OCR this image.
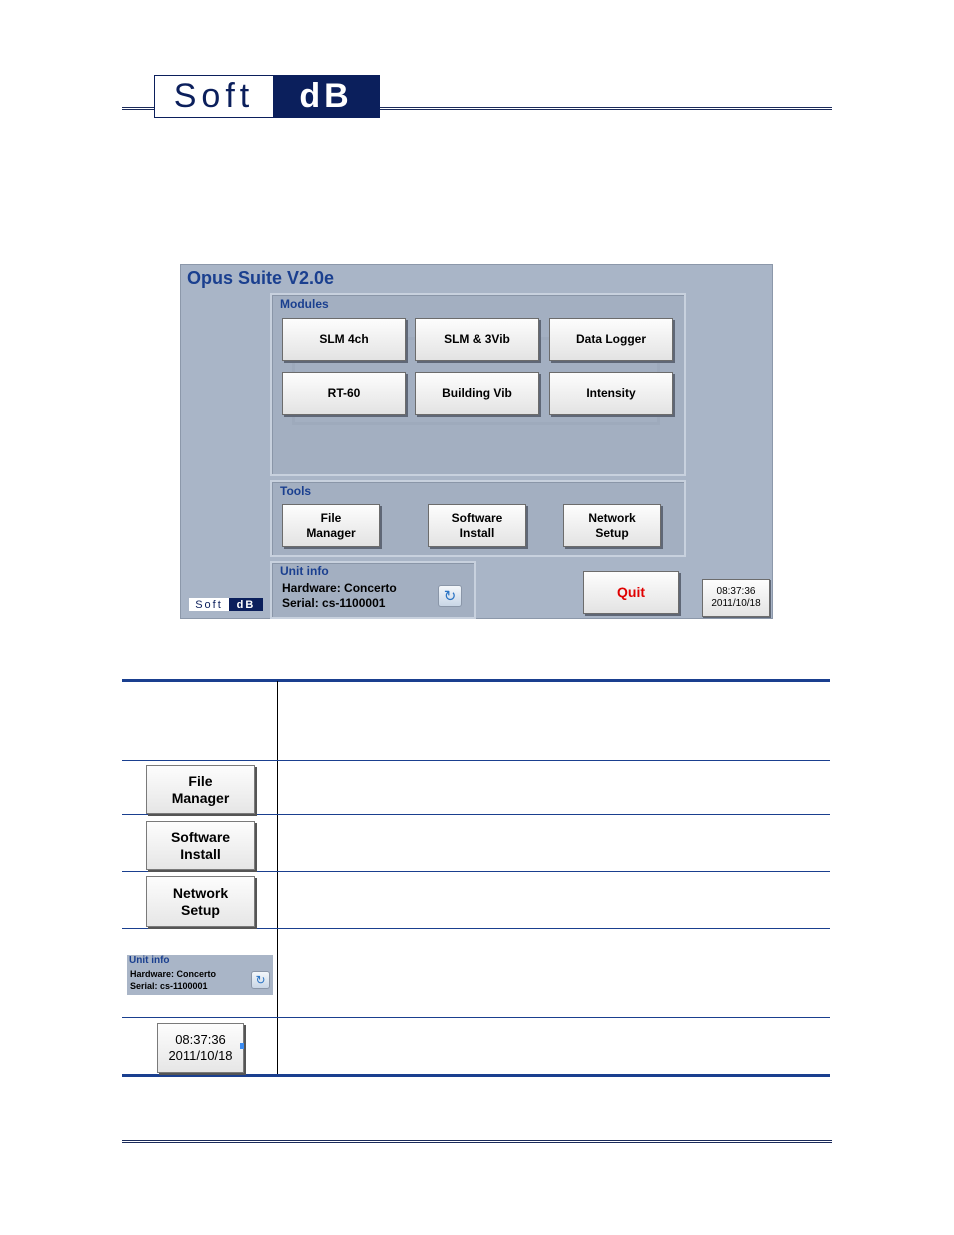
Soft	dB
Opus Suite V2.0e
Modules
SLM 4ch	SLM & 3Vib	Data Logger
RT-60	Building Vib	Intensity
Tools
File
Manager
Software
Install
Network
Setup
Unit info
Hardware: Concerto
Serial: cs-1100001	↻	Quit	08:37:36
2011/10/18
Soft	dB
File
Manager
Software
Install
Network
Setup
Unit info
Hardware: Concerto
Serial: cs-1100001	↻
08:37:36
2011/10/18
